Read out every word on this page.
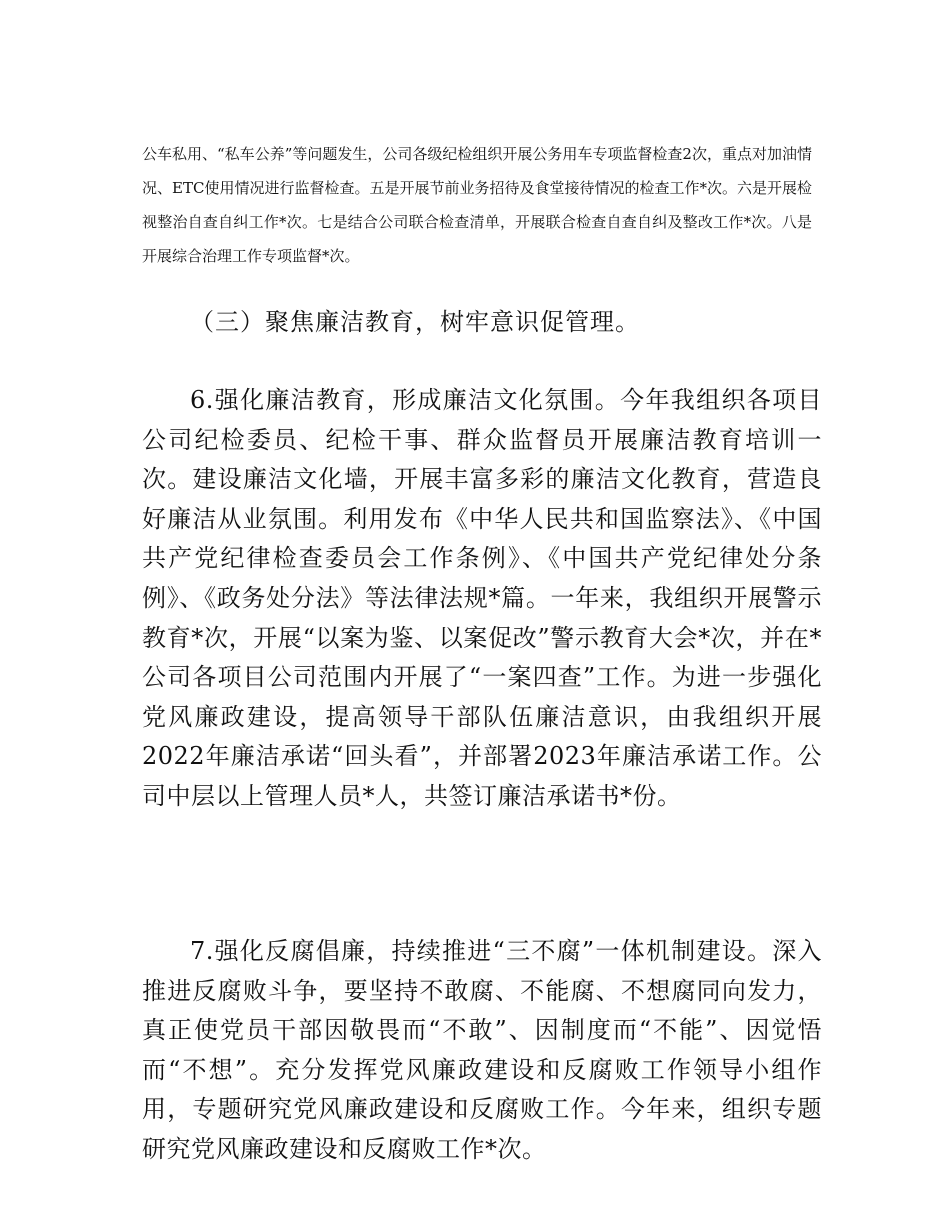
公车私用、“私车公养”等问题发生，公司各级纪检组织开展公务用车专项监督检查2次，重点对加油情况、ETC使用情况进行监督检查。五是开展节前业务招待及食堂接待情况的检查工作*次。六是开展检视整治自查自纠工作*次。七是结合公司联合检查清单，开展联合检查自查自纠及整改工作*次。八是开展综合治理工作专项监督*次。

（三）聚焦廉洁教育，树牢意识促管理。

6.强化廉洁教育，形成廉洁文化氛围。今年我组织各项目公司纪检委员、纪检干事、群众监督员开展廉洁教育培训一次。建设廉洁文化墙，开展丰富多彩的廉洁文化教育，营造良好廉洁从业氛围。利用发布《中华人民共和国监察法》、《中国共产党纪律检查委员会工作条例》、《中国共产党纪律处分条例》、《政务处分法》等法律法规*篇。一年来，我组织开展警示教育*次，开展“以案为鉴、以案促改”警示教育大会*次，并在*公司各项目公司范围内开展了“一案四查”工作。为进一步强化党风廉政建设，提高领导干部队伍廉洁意识，由我组织开展2022年廉洁承诺“回头看”，并部署2023年廉洁承诺工作。公司中层以上管理人员*人，共签订廉洁承诺书*份。

7.强化反腐倡廉，持续推进“三不腐”一体机制建设。深入推进反腐败斗争，要坚持不敢腐、不能腐、不想腐同向发力，真正使党员干部因敬畏而“不敢”、因制度而“不能”、因觉悟而“不想”。充分发挥党风廉政建设和反腐败工作领导小组作用，专题研究党风廉政建设和反腐败工作。今年来，组织专题研究党风廉政建设和反腐败工作*次。
